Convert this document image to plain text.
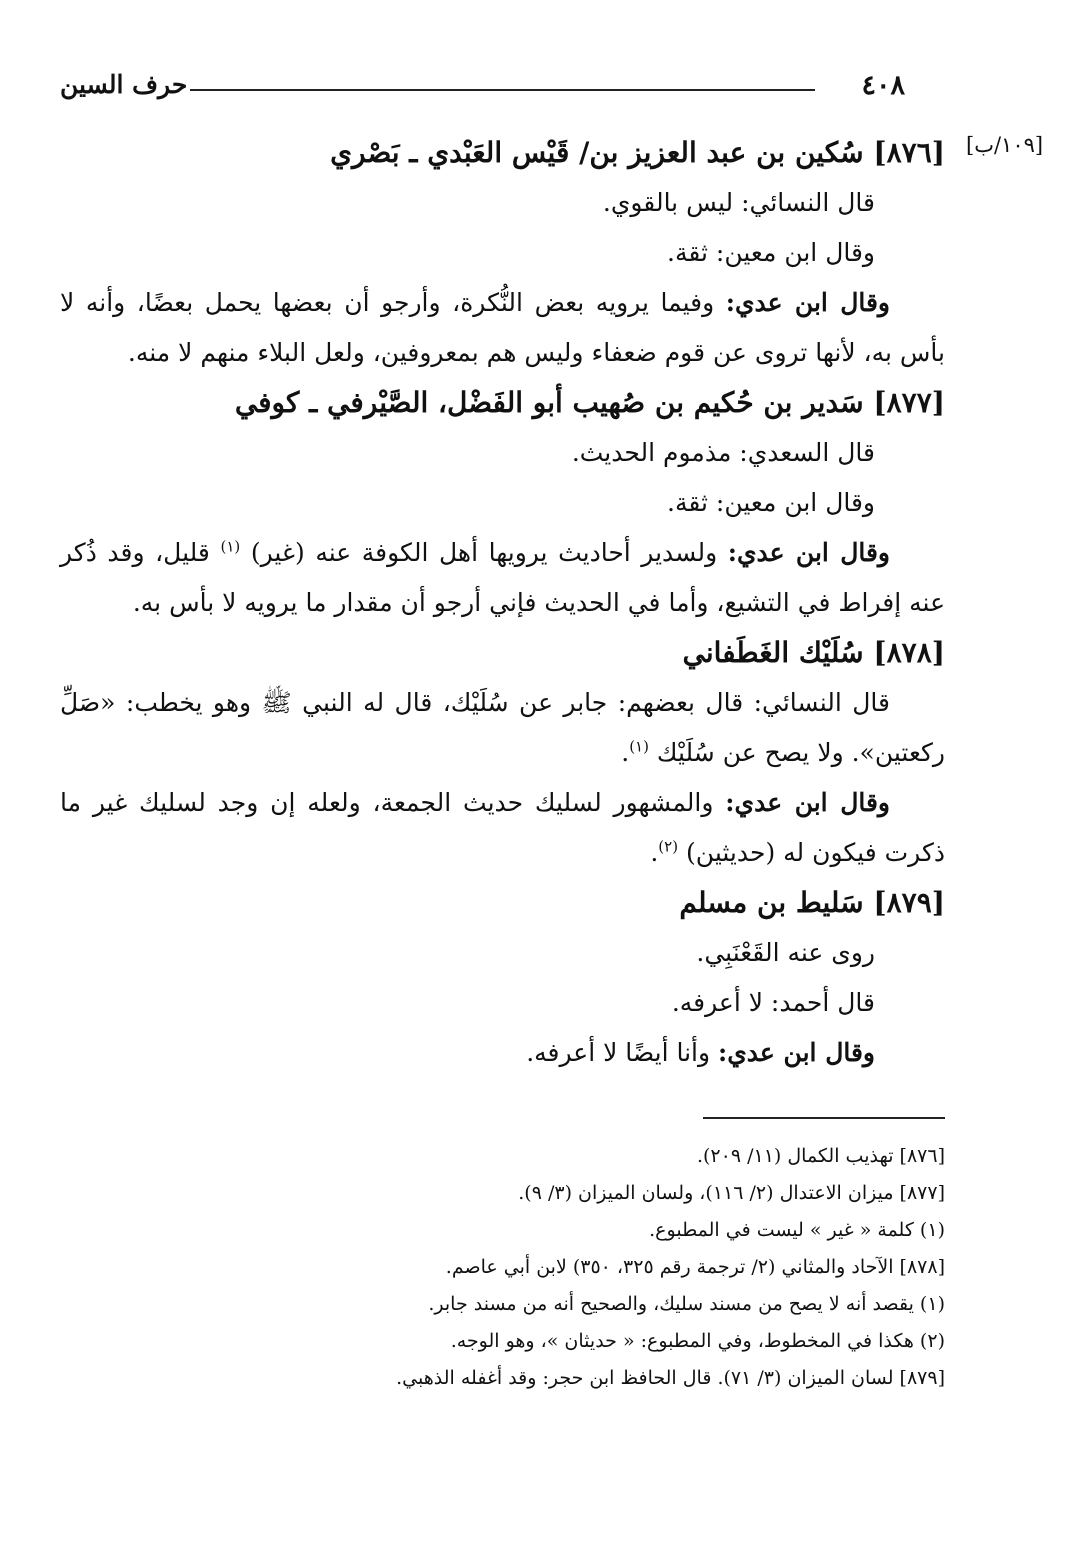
حرف السين	٤٠٨
[١٠٩/ب]
[٨٧٦] سُكين بن عبد العزيز بن/ قَيْس العَبْدي ـ بَصْري
قال النسائي: ليس بالقوي.
وقال ابن معين: ثقة.
وقال ابن عدي: وفيما يرويه بعض النُّكرة، وأرجو أن بعضها يحمل بعضًا، وأنه لا بأس به، لأنها تروى عن قوم ضعفاء وليس هم بمعروفين، ولعل البلاء منهم لا منه.
[٨٧٧] سَدير بن حُكيم بن صُهيب أبو الفَضْل، الصَّيْرفي ـ كوفي
قال السعدي: مذموم الحديث.
وقال ابن معين: ثقة.
وقال ابن عدي: ولسدير أحاديث يرويها أهل الكوفة عنه (غير) $^{(١)}$ قليل، وقد ذُكر عنه إفراط في التشيع، وأما في الحديث فإني أرجو أن مقدار ما يرويه لا بأس به.
[٨٧٨] سُلَيْك الغَطَفاني
قال النسائي: قال بعضهم: جابر عن سُلَيْك، قال له النبي ﷺ وهو يخطب: «صَلِّ ركعتين». ولا يصح عن سُلَيْك $^{(١)}$.
وقال ابن عدي: والمشهور لسليك حديث الجمعة، ولعله إن وجد لسليك غير ما ذكرت فيكون له (حديثين) $^{(٢)}$.
[٨٧٩] سَليط بن مسلم
روى عنه القَعْنَبِي.
قال أحمد: لا أعرفه.
وقال ابن عدي: وأنا أيضًا لا أعرفه.
[٨٧٦] تهذيب الكمال (١١/ ٢٠٩).
[٨٧٧] ميزان الاعتدال (٢/ ١١٦)، ولسان الميزان (٣/ ٩).
(١) كلمة « غير » ليست في المطبوع.
[٨٧٨] الآحاد والمثاني (٢/ ترجمة رقم ٣٢٥، ٣٥٠) لابن أبي عاصم.
(١) يقصد أنه لا يصح من مسند سليك، والصحيح أنه من مسند جابر.
(٢) هكذا في المخطوط، وفي المطبوع: « حديثان »، وهو الوجه.
[٨٧٩] لسان الميزان (٣/ ٧١). قال الحافظ ابن حجر: وقد أغفله الذهبي.
